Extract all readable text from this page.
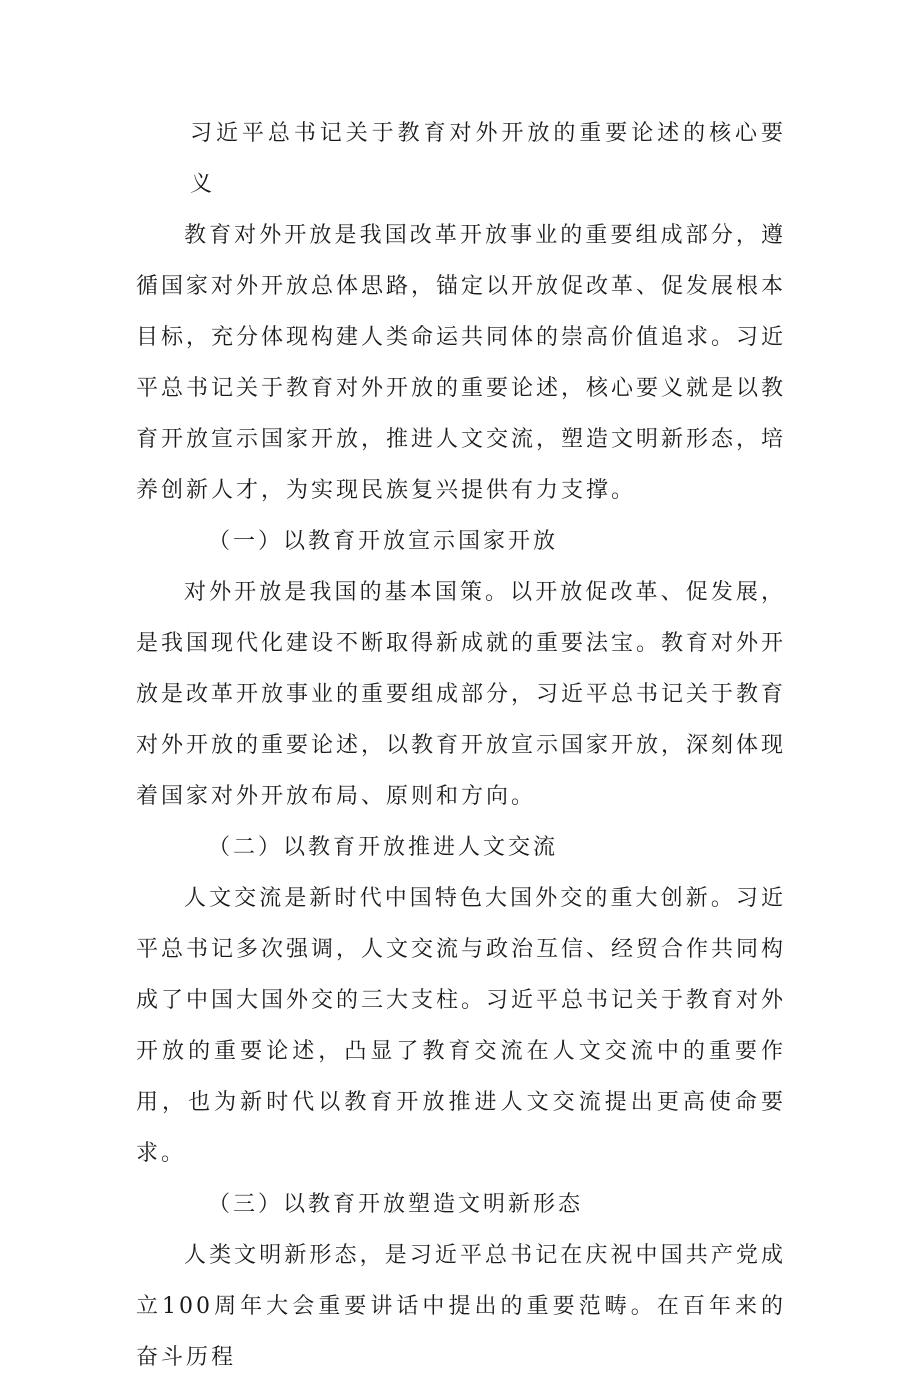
习近平总书记关于教育对外开放的重要论述的核心要义

教育对外开放是我国改革开放事业的重要组成部分，遵循国家对外开放总体思路，锚定以开放促改革、促发展根本目标，充分体现构建人类命运共同体的崇高价值追求。习近平总书记关于教育对外开放的重要论述，核心要义就是以教育开放宣示国家开放，推进人文交流，塑造文明新形态，培养创新人才，为实现民族复兴提供有力支撑。

（一）以教育开放宣示国家开放

对外开放是我国的基本国策。以开放促改革、促发展，是我国现代化建设不断取得新成就的重要法宝。教育对外开放是改革开放事业的重要组成部分，习近平总书记关于教育对外开放的重要论述，以教育开放宣示国家开放，深刻体现着国家对外开放布局、原则和方向。

（二）以教育开放推进人文交流

人文交流是新时代中国特色大国外交的重大创新。习近平总书记多次强调，人文交流与政治互信、经贸合作共同构成了中国大国外交的三大支柱。习近平总书记关于教育对外开放的重要论述，凸显了教育交流在人文交流中的重要作用，也为新时代以教育开放推进人文交流提出更高使命要求。

（三）以教育开放塑造文明新形态

人类文明新形态，是习近平总书记在庆祝中国共产党成立100周年大会重要讲话中提出的重要范畴。在百年来的奋斗历程
